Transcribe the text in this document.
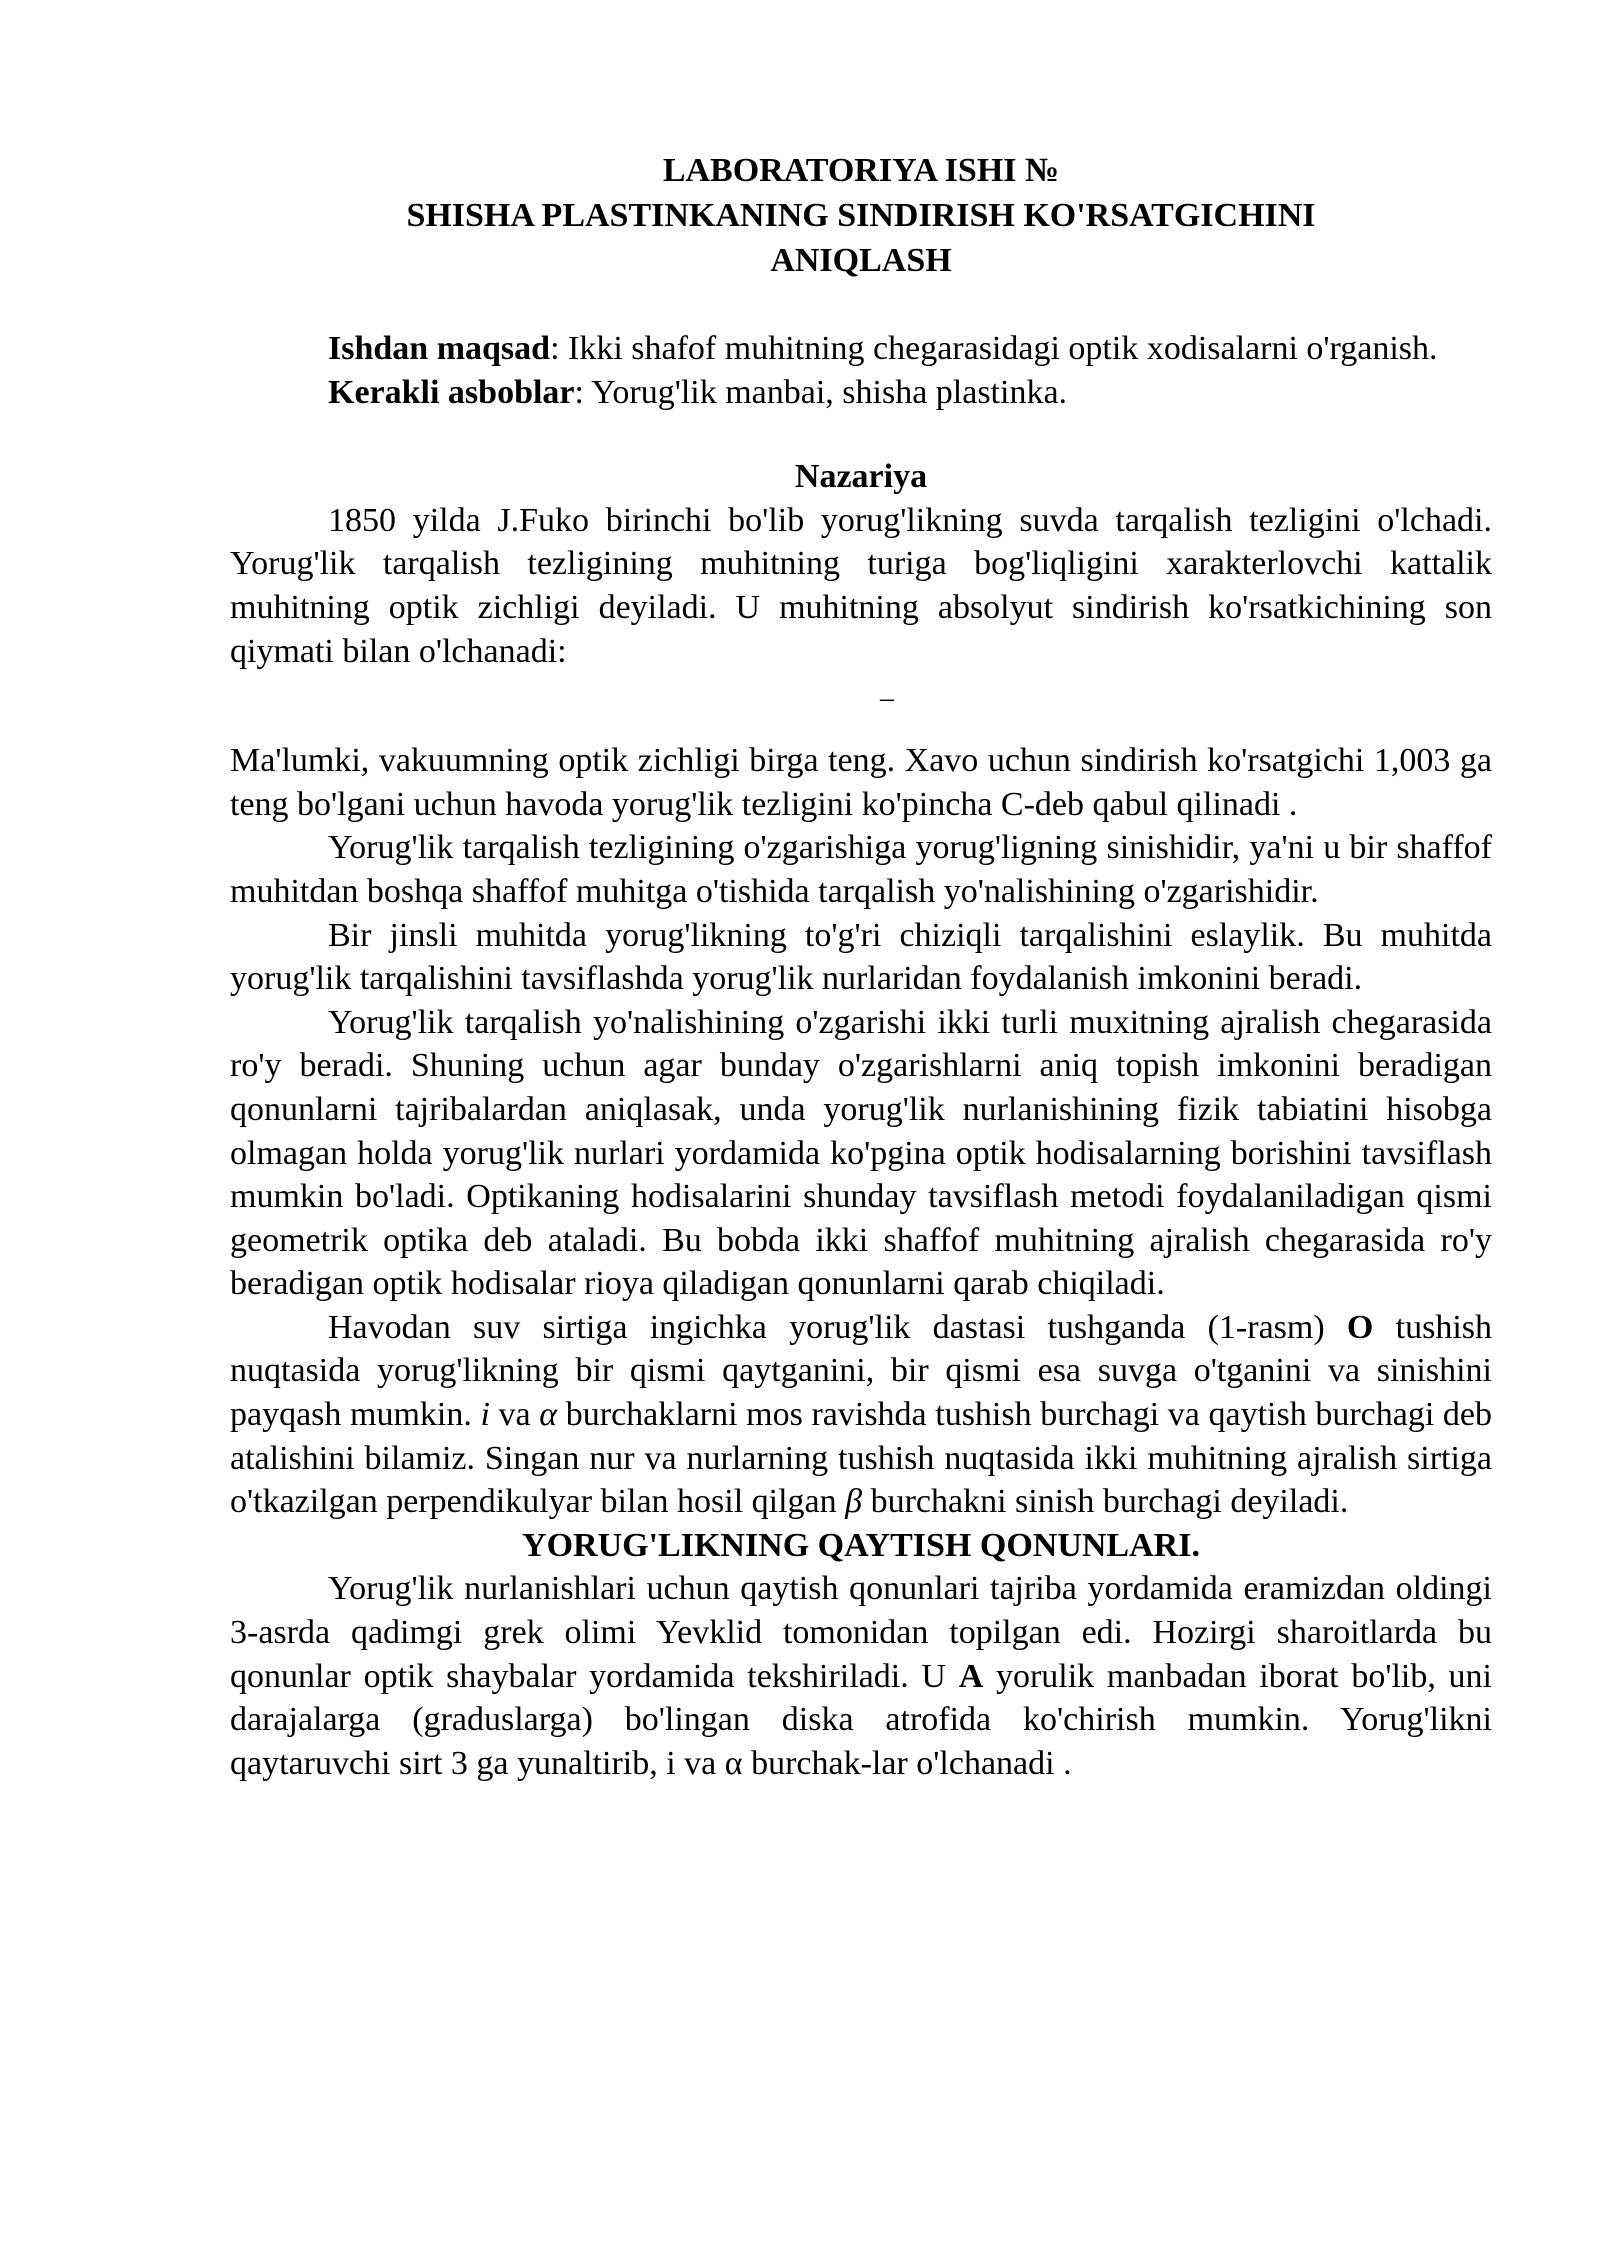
LABORATORIYA ISHI №
SHISHA PLASTINKANING SINDIRISH KO'RSATGICHINI
ANIQLASH

Ishdan maqsad: Ikki shafof muhitning chegarasidagi optik xodisalarni o'rganish.

Kerakli asboblar: Yorug'lik manbai, shisha plastinka.

Nazariya

1850 yilda J.Fuko birinchi bo'lib yorug'likning suvda tarqalish tezligini o'lchadi. Yorug'lik tarqalish tezligining muhitning turiga bog'liqligini xarakterlovchi kattalik muhitning optik zichligi deyiladi. U muhitning absolyut sindirish ko'rsatkichining son qiymati bilan o'lchanadi:

–

Ma'lumki, vakuumning optik zichligi birga teng. Xavo uchun sindirish ko'rsatgichi 1,003 ga teng bo'lgani uchun havoda yorug'lik tezligini ko'pincha C-deb qabul qilinadi .

Yorug'lik tarqalish tezligining o'zgarishiga yorug'ligning sinishidir, ya'ni u bir shaffof muhitdan boshqa shaffof muhitga o'tishida tarqalish yo'nalishining o'zgarishidir.

Bir jinsli muhitda yorug'likning to'g'ri chiziqli tarqalishini eslaylik. Bu muhitda yorug'lik tarqalishini tavsiflashda yorug'lik nurlaridan foydalanish imkonini beradi.

Yorug'lik tarqalish yo'nalishining o'zgarishi ikki turli muxitning ajralish chegarasida ro'y beradi. Shuning uchun agar bunday o'zgarishlarni aniq topish imkonini beradigan qonunlarni tajribalardan aniqlasak, unda yorug'lik nurlanishining fizik tabiatini hisobga olmagan holda yorug'lik nurlari yordamida ko'pgina optik hodisalarning borishini tavsiflash mumkin bo'ladi. Optikaning hodisalarini shunday tavsiflash metodi foydalaniladigan qismi geometrik optika deb ataladi. Bu bobda ikki shaffof muhitning ajralish chegarasida ro'y beradigan optik hodisalar rioya qiladigan qonunlarni qarab chiqiladi.

Havodan suv sirtiga ingichka yorug'lik dastasi tushganda (1-rasm) O tushish nuqtasida yorug'likning bir qismi qaytganini, bir qismi esa suvga o'tganini va sinishini payqash mumkin. i va α burchaklarni mos ravishda tushish burchagi va qaytish burchagi deb atalishini bilamiz. Singan nur va nurlarning tushish nuqtasida ikki muhitning ajralish sirtiga o'tkazilgan perpendikulyar bilan hosil qilgan β burchakni sinish burchagi deyiladi.

YORUG'LIKNING QAYTISH QONUNLARI.

Yorug'lik nurlanishlari uchun qaytish qonunlari tajriba yordamida eramizdan oldingi 3-asrda qadimgi grek olimi Yevklid tomonidan topilgan edi. Hozirgi sharoitlarda bu qonunlar optik shaybalar yordamida tekshiriladi. U A yorulik manbadan iborat bo'lib, uni darajalarga (graduslarga) bo'lingan diska atrofida ko'chirish mumkin. Yorug'likni qaytaruvchi sirt 3 ga yunaltirib, i va α burchak-lar o'lchanadi .
